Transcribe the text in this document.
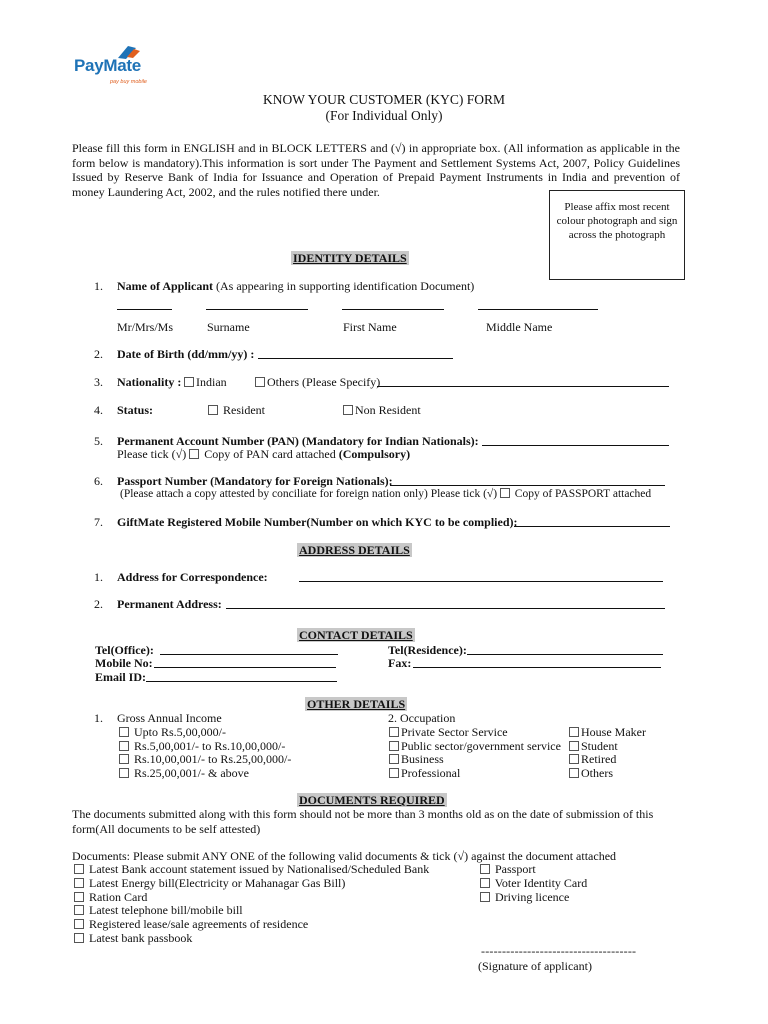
PayMate
pay buy mobile
KNOW YOUR CUSTOMER (KYC) FORM
(For Individual Only)
Please fill this form in ENGLISH and in BLOCK LETTERS and (√) in appropriate box. (All information as applicable in the form below is mandatory).This information is sort under The Payment and Settlement Systems Act, 2007, Policy Guidelines Issued by Reserve Bank of India for Issuance and Operation of Prepaid Payment Instruments in India and prevention of money Laundering Act, 2002, and the rules notified there under.
Please affix most recent colour photograph and sign across the photograph
IDENTITY DETAILS
1. Name of Applicant (As appearing in supporting identification Document)
Mr/Mrs/Ms	Surname	First Name	Middle Name
2. Date of Birth (dd/mm/yy) :
3. Nationality :	Indian	Others (Please Specify)
4. Status:	Resident	Non Resident
5. Permanent Account Number (PAN) (Mandatory for Indian Nationals):
Please tick (√) Copy of PAN card attached (Compulsory)
6. Passport Number (Mandatory for Foreign Nationals):
(Please attach a copy attested by conciliate for foreign nation only) Please tick (√) Copy of PASSPORT attached
7. GiftMate Registered Mobile Number(Number on which KYC to be complied):
ADDRESS DETAILS
1. Address for Correspondence:
2. Permanent Address:
CONTACT DETAILS
Tel(Office):	Tel(Residence):
Mobile No:	Fax:
Email ID:
OTHER DETAILS
1. Gross Annual Income
Upto Rs.5,00,000/-
Rs.5,00,001/- to Rs.10,00,000/-
Rs.10,00,001/- to Rs.25,00,000/-
Rs.25,00,001/- & above
2. Occupation
Private Sector Service
Public sector/government service
Business
Professional
House Maker
Student
Retired
Others
DOCUMENTS REQUIRED
The documents submitted along with this form should not be more than 3 months old as on the date of submission of this form(All documents to be self attested)
Documents: Please submit ANY ONE of the following valid documents & tick (√) against the document attached
Latest Bank account statement issued by Nationalised/Scheduled Bank
Latest Energy bill(Electricity or Mahanagar Gas Bill)
Ration Card
Latest telephone bill/mobile bill
Registered lease/sale agreements of residence
Latest bank passbook
Passport
Voter Identity Card
Driving licence
-------------------------------------
(Signature of applicant)
